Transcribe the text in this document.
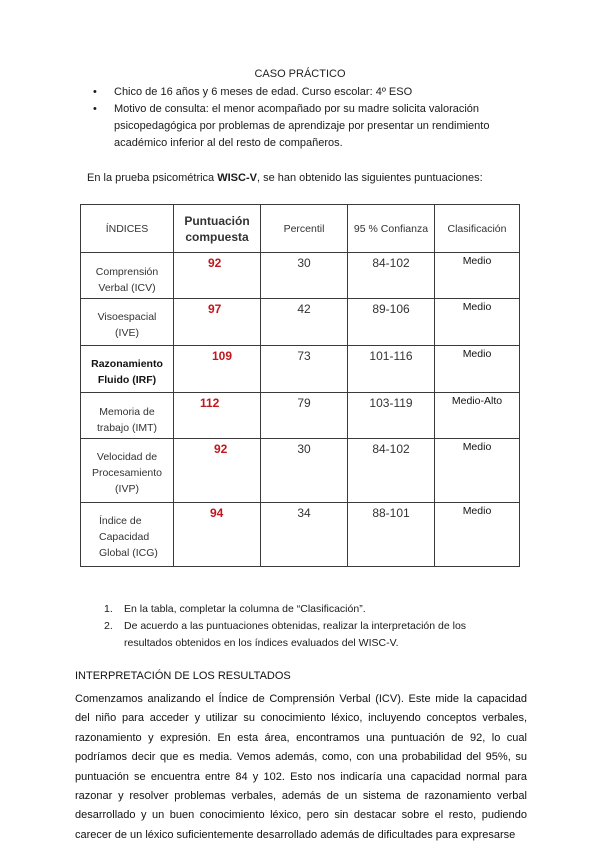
CASO PRÁCTICO
• Chico de 16 años y 6 meses de edad. Curso escolar: 4º ESO
• Motivo de consulta: el menor acompañado por su madre solicita valoración psicopedagógica por problemas de aprendizaje por presentar un rendimiento académico inferior al del resto de compañeros.
En la prueba psicométrica WISC-V, se han obtenido las siguientes puntuaciones:
ÍNDICES	Puntuación compuesta	Percentil	95 % Confianza	Clasificación

Comprensión Verbal (ICV)	92	30	84-102	Medio

Visoespacial (IVE)	97	42	89-106	Medio

Razonamiento Fluido (IRF)	109	73	101-116	Medio

Memoria de trabajo (IMT)	112	79	103-119	Medio-Alto

Velocidad de Procesamiento (IVP)	92	30	84-102	Medio

Índice de Capacidad Global (ICG)	94	34	88-101	Medio
1. En la tabla, completar la columna de “Clasificación”.
2. De acuerdo a las puntuaciones obtenidas, realizar la interpretación de los resultados obtenidos en los índices evaluados del WISC-V.
INTERPRETACIÓN DE LOS RESULTADOS
Comenzamos analizando el Índice de Comprensión Verbal (ICV). Este mide la capacidad del niño para acceder y utilizar su conocimiento léxico, incluyendo conceptos verbales, razonamiento y expresión. En esta área, encontramos una puntuación de 92, lo cual podríamos decir que es media. Vemos además, como, con una probabilidad del 95%, su puntuación se encuentra entre 84 y 102. Esto nos indicaría una capacidad normal para razonar y resolver problemas verbales, además de un sistema de razonamiento verbal desarrollado y un buen conocimiento léxico, pero sin destacar sobre el resto, pudiendo carecer de un léxico suficientemente desarrollado además de dificultades para expresarse
